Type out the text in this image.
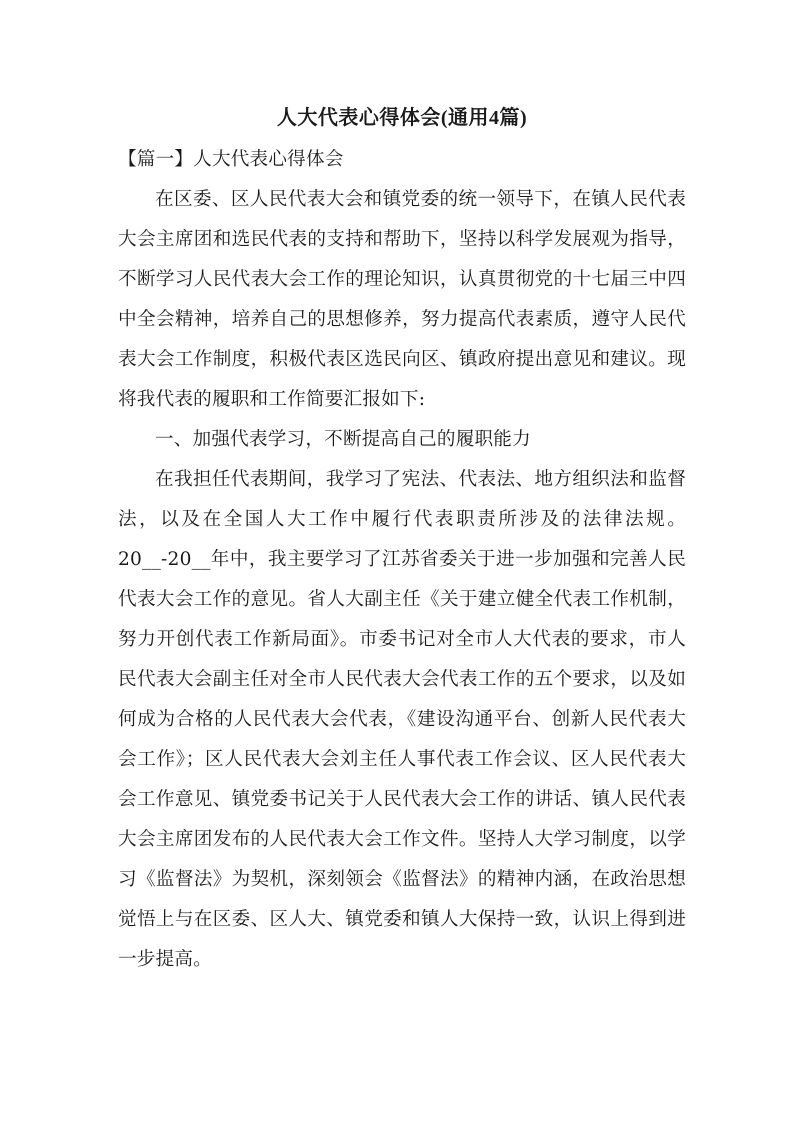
人大代表心得体会(通用4篇)
【篇一】人大代表心得体会
在区委、区人民代表大会和镇党委的统一领导下，在镇人民代表
大会主席团和选民代表的支持和帮助下，坚持以科学发展观为指导，
不断学习人民代表大会工作的理论知识，认真贯彻党的十七届三中四
中全会精神，培养自己的思想修养，努力提高代表素质，遵守人民代
表大会工作制度，积极代表区选民向区、镇政府提出意见和建议。现
将我代表的履职和工作简要汇报如下:
一、加强代表学习，不断提高自己的履职能力
在我担任代表期间，我学习了宪法、代表法、地方组织法和监督
法，以及在全国人大工作中履行代表职责所涉及的法律法规。
20__-20__年中，我主要学习了江苏省委关于进一步加强和完善人民
代表大会工作的意见。省人大副主任《关于建立健全代表工作机制，
努力开创代表工作新局面》。市委书记对全市人大代表的要求，市人
民代表大会副主任对全市人民代表大会代表工作的五个要求，以及如
何成为合格的人民代表大会代表，《建设沟通平台、创新人民代表大
会工作》；区人民代表大会刘主任人事代表工作会议、区人民代表大
会工作意见、镇党委书记关于人民代表大会工作的讲话、镇人民代表
大会主席团发布的人民代表大会工作文件。坚持人大学习制度，以学
习《监督法》为契机，深刻领会《监督法》的精神内涵，在政治思想
觉悟上与在区委、区人大、镇党委和镇人大保持一致，认识上得到进
一步提高。
